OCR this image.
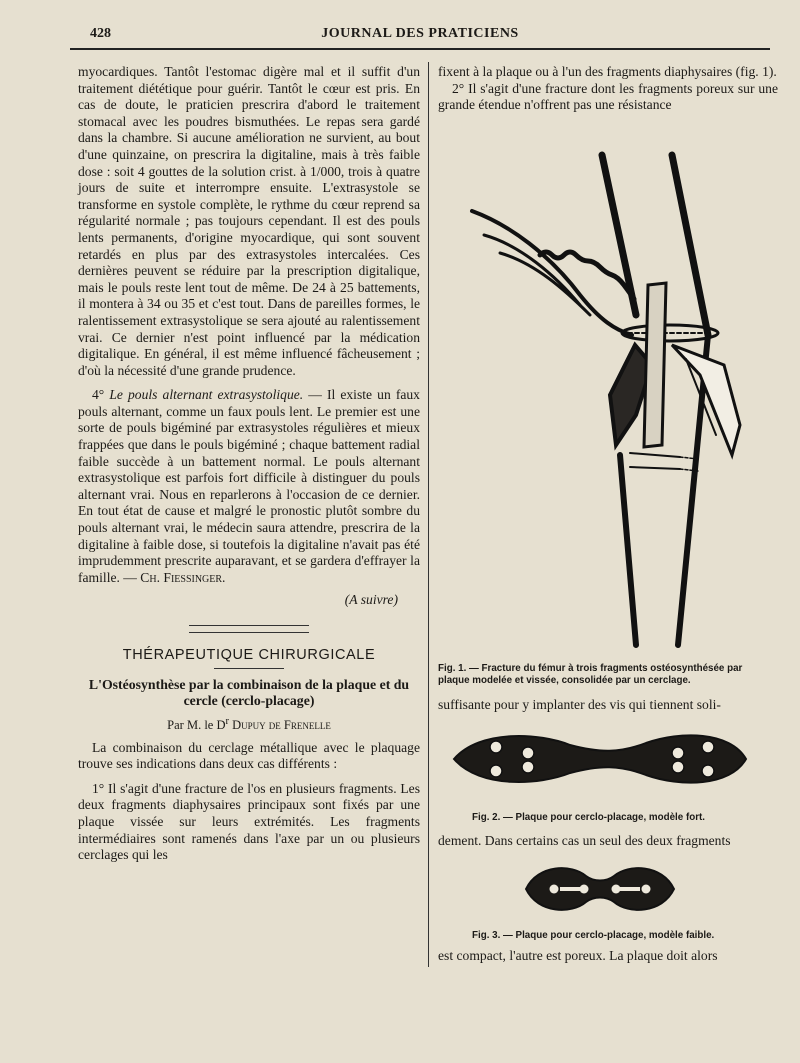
428	JOURNAL DES PRATICIENS

myocardiques. Tantôt l'estomac digère mal et il suffit d'un traitement diététique pour guérir. Tantôt le cœur est pris. En cas de doute, le praticien prescrira d'abord le traitement stomacal avec les poudres bismuthées. Le repas sera gardé dans la chambre. Si aucune amélioration ne survient, au bout d'une quinzaine, on prescrira la digitaline, mais à très faible dose : soit 4 gouttes de la solution crist. à 1/000, trois à quatre jours de suite et interrompre ensuite. L'extrasystole se transforme en systole complète, le rythme du cœur reprend sa régularité normale ; pas toujours cependant. Il est des pouls lents permanents, d'origine myocardique, qui sont souvent retardés en plus par des extrasystoles intercalées. Ces dernières peuvent se réduire par la prescription digitalique, mais le pouls reste lent tout de même. De 24 à 25 battements, il montera à 34 ou 35 et c'est tout. Dans de pareilles formes, le ralentissement extrasystolique se sera ajouté au ralentissement vrai. Ce dernier n'est point influencé par la médication digitalique. En général, il est même influencé fâcheusement ; d'où la nécessité d'une grande prudence.

4° Le pouls alternant extrasystolique. — Il existe un faux pouls alternant, comme un faux pouls lent. Le premier est une sorte de pouls bigéminé par extrasystoles régulières et mieux frappées que dans le pouls bigéminé ; chaque battement radial faible succède à un battement normal. Le pouls alternant extrasystolique est parfois fort difficile à distinguer du pouls alternant vrai. Nous en reparlerons à l'occasion de ce dernier. En tout état de cause et malgré le pronostic plutôt sombre du pouls alternant vrai, le médecin saura attendre, prescrira de la digitaline à faible dose, si toutefois la digitaline n'avait pas été imprudemment prescrite auparavant, et se gardera d'effrayer la famille. — Ch. Fiessinger.

(A suivre)

THÉRAPEUTIQUE CHIRURGICALE

L'Ostéosynthèse par la combinaison de la plaque et du cercle (cerclo-placage)

Par M. le $D^r$ Dupuy de Frenelle

La combinaison du cerclage métallique avec le plaquage trouve ses indications dans deux cas différents :

1° Il s'agit d'une fracture de l'os en plusieurs fragments. Les deux fragments diaphysaires principaux sont fixés par une plaque vissée sur leurs extrémités. Les fragments intermédiaires sont ramenés dans l'axe par un ou plusieurs cerclages qui les

fixent à la plaque ou à l'un des fragments diaphysaires (fig. 1).

2° Il s'agit d'une fracture dont les fragments poreux sur une grande étendue n'offrent pas une résistance

Fig. 1. — Fracture du fémur à trois fragments ostéosynthésée par plaque modelée et vissée, consolidée par un cerclage.
suffisante pour y implanter des vis qui tiennent soli-
Fig. 2. — Plaque pour cerclo-placage, modèle fort.
dement. Dans certains cas un seul des deux fragments
Fig. 3. — Plaque pour cerclo-placage, modèle faible.
est compact, l'autre est poreux. La plaque doit alors
